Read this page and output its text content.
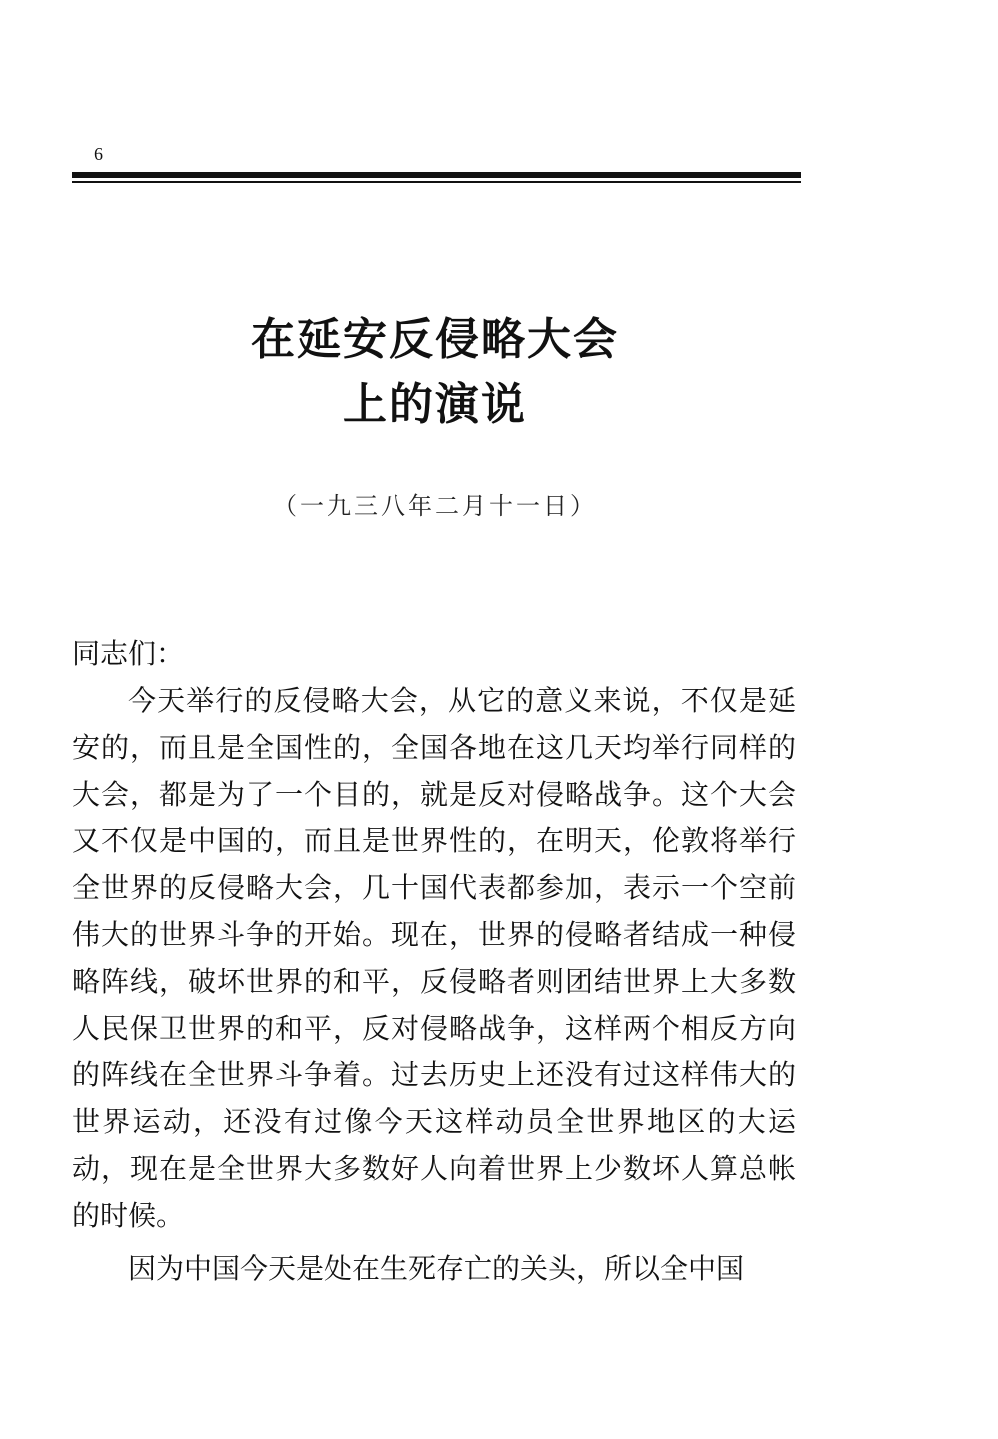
6
在延安反侵略大会
上的演说
（一九三八年二月十一日）
同志们：

今天举行的反侵略大会，从它的意义来说，不仅是延安的，而且是全国性的，全国各地在这几天均举行同样的大会，都是为了一个目的，就是反对侵略战争。这个大会又不仅是中国的，而且是世界性的，在明天，伦敦将举行全世界的反侵略大会，几十国代表都参加，表示一个空前伟大的世界斗争的开始。现在，世界的侵略者结成一种侵略阵线，破坏世界的和平，反侵略者则团结世界上大多数人民保卫世界的和平，反对侵略战争，这样两个相反方向的阵线在全世界斗争着。过去历史上还没有过这样伟大的世界运动，还没有过像今天这样动员全世界地区的大运动，现在是全世界大多数好人向着世界上少数坏人算总帐的时候。

因为中国今天是处在生死存亡的关头，所以全中国
